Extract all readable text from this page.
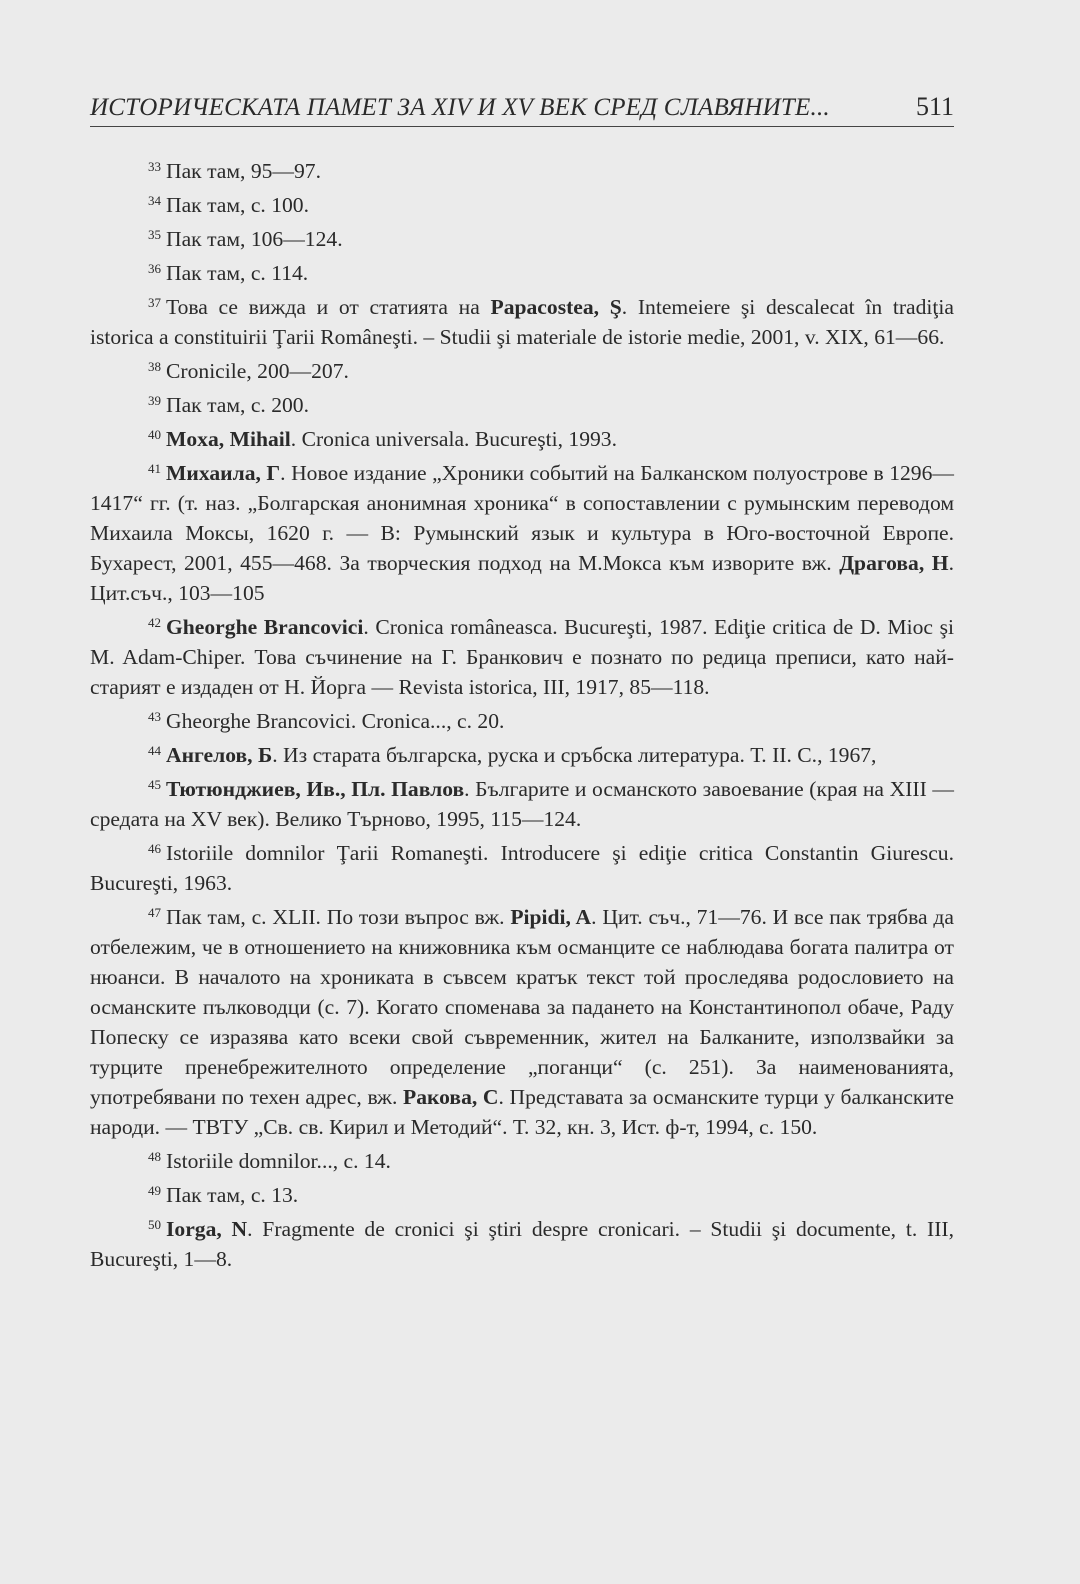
ИСТОРИЧЕСКАТА ПАМЕТ ЗА XIV И XV ВЕК СРЕД СЛАВЯНИТЕ...	511

$^{33}$ Пак там, 95—97.

$^{34}$ Пак там, с. 100.

$^{35}$ Пак там, 106—124.

$^{36}$ Пак там, с. 114.

$^{37}$ Това се вижда и от статията на Papacostea, Ş. Intemeiere şi descalecat în tradiţia istorica a constituirii Ţarii Româneşti. – Studii şi materiale de istorie medie, 2001, v. XIX, 61—66.

$^{38}$ Cronicile, 200—207.

$^{39}$ Пак там, с. 200.

$^{40}$ Moxa, Mihail. Cronica universala. Bucureşti, 1993.

$^{41}$ Михаила, Г. Новое издание „Хроники событий на Балканском полуострове в 1296—1417“ гг. (т. наз. „Болгарская анонимная хроника“ в сопоставлении с румынским переводом Михаила Моксы, 1620 г. — В: Румынский язык и культура в Юго-восточной Европе. Бухарест, 2001, 455—468. За творческия подход на М.Мокса към изворите вж. Драгова, Н. Цит.съч., 103—105

$^{42}$ Gheorghe Brancovici. Cronica româneasca. Bucureşti, 1987. Ediţie critica de D. Mioc şi M. Adam-Chiper. Това съчинение на Г. Бранкович е познато по редица преписи, като най-старият е издаден от Н. Йорга — Revista istorica, III, 1917, 85—118.

$^{43}$ Gheorghe Brancovici. Cronica..., с. 20.

$^{44}$ Ангелов, Б. Из старата българска, руска и сръбска литература. Т. II. С., 1967,

$^{45}$ Тютюнджиев, Ив., Пл. Павлов. Българите и османското завоевание (края на XIII — средата на XV век). Велико Търново, 1995, 115—124.

$^{46}$ Istoriile domnilor Ţarii Romaneşti. Introducere şi ediţie critica Constantin Giurescu. Bucureşti, 1963.

$^{47}$ Пак там, с. XLII. По този въпрос вж. Pipidi, A. Цит. съч., 71—76. И все пак трябва да отбележим, че в отношението на книжовника към османците се наблюдава богата палитра от нюанси. В началото на хрониката в съвсем кратък текст той проследява родословието на османските пълководци (с. 7). Когато споменава за падането на Константинопол обаче, Раду Попеску се изразява като всеки свой съвременник, жител на Балканите, използвайки за турците пренебрежителното определение „поганци“ (с. 251). За наименованията, употребявани по техен адрес, вж. Ракова, С. Представата за османските турци у балканските народи. — ТВТУ „Св. св. Кирил и Методий“. Т. 32, кн. 3, Ист. ф-т, 1994, с. 150.

$^{48}$ Istoriile domnilor..., с. 14.

$^{49}$ Пак там, с. 13.

$^{50}$ Iorga, N. Fragmente de cronici şi ştiri despre cronicari. – Studii şi documente, t. III, Bucureşti, 1—8.
